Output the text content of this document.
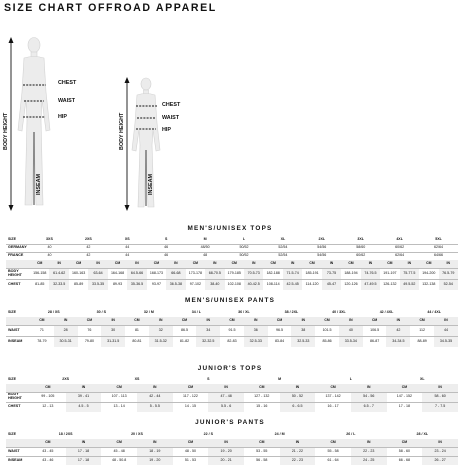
SIZE CHART OFFROAD APPAREL
CHEST
WAIST
HIP
CHEST
WAIST
HIP
BODY HEIGHT	BODY HEIGHT
INSEAM	INSEAM
MEN'S/UNISEX TOPS
SIZE	3XS		2XS		XS		S		M		L		XL		2XL		3XL		4XL		5XL	
GERMANY	40		42		44		46		48/50		50/52		52/54		54/56		58/60		60/62		62/64	
FRANCE	40		42		44		46		48		50/52		52/54		54/56		60/62		62/64		64/66	
	CM	IN	CM	IN	CM	IN	CM	IN	CM	IN	CM	IN	CM	IN	CM	IN	CM	IN	CM	IN	CM	IN
BODY HEIGHT	156-158	61.4-62	160-163	63-64	164-168	64.5-66	168-173	66-68	173-178	68-70.5	179-185	70.5-73	182-188	71.5-74	185-191	73-75	188-194	74-76.5	191-197	75-77.5	194-200	76.5-79
CHEST	81-85	32-33.5	85-89	33.5-35	89-93	35-36.5	93-97	36.5-38	97-102	38-40	102-108	40-42.5	108-114	42.5-45	114-120	45-47	120-126	47-49.5	126-132	49.5-52	132-138	52-54
MEN'S/UNISEX PANTS
SIZE	28 / XS		30 / S		32 / M		34 / L		36 / XL		38 / 2XL		40 / 3XL		42 / 4XL		44 / 4XL	
	CM	IN	CM	IN	CM	IN	CM	IN	CM	IN	CM	IN	CM	IN	CM	IN	CM	IN
WAIST	71	28	76	30	81	32	86.5	34	91.5	36	96.5	38	101.5	40	106.5	42	112	44
INSEAM	78-79	30.5-31	79-80	31-31.5	80-81	31.5-32	81-82	32-32.5	82-83	32.5-33	83-84	32.5-33	85-86	33.5-34	86-87	34-34.5	88-89	34.5-35
JUNIOR'S TOPS
SIZE	2XS		XS		S		M		L		XL	
	CM	IN	CM	IN	CM	IN	CM	IN	CM	IN	CM	IN
BODY HEIGHT	99 - 105	39 - 41	107 - 113	42 - 44	117 - 122	47 - 48	127 - 132	50 - 52	137 - 142	54 - 56	147 - 152	58 - 60
CHEST	12 - 13	4.5 - 5	13 - 14	5 - 5.5	14 - 15	5.5 - 6	15 - 16	6 - 6.5	16 - 17	6.5 - 7	17 - 18	7 - 7.5
JUNIOR'S PANTS
SIZE	18 / 2XS		20 / XS		22 / S		24 / M		26 / L		28 / XL	
	CM	IN	CM	IN	CM	IN	CM	IN	CM	IN	CM	IN
WAIST	43 - 45	17 - 18	45 - 48	18 - 19	48 - 50	19 - 20	53 - 55	21 - 22	55 - 58	22 - 23	58 - 60	23 - 24
INSEAM	43 - 46	17 - 18	48 - 50.8	19 - 20	51 - 53	20 - 21	56 - 58	22 - 23	61 - 64	24 - 25	66 - 68	26 - 27
